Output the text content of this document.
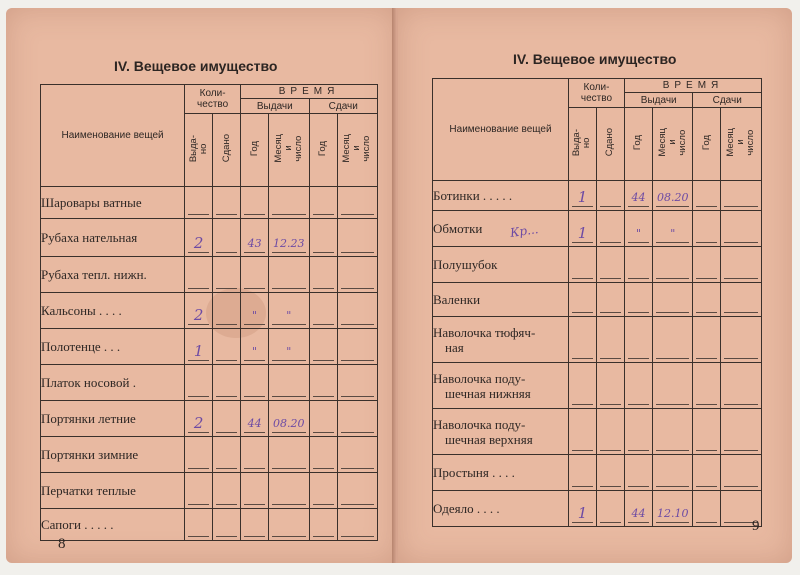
IV. Вещевое имущество
Наименование вещей	Коли-
чество		ВРЕМЯ			
			Выдачи		Сдачи	
	Выда-
но	Сдано	Год	Месяц
и
число	Год	Месяц
и
число

Шаровары ватные						

Рубаха нательная	2		43	12.23		

Рубаха тепл. нижн.						

Кальсоны . . . .	2		"	"		

Полотенце . . .	1		"	"		

Платок носовой .						

Портянки летние	2		44	08.20		

Портянки зимние						

Перчатки теплые						

Сапоги . . . . .						

8
IV. Вещевое имущество
Наименование вещей	Коли-
чество		ВРЕМЯ			
			Выдачи		Сдачи	
	Выда-
но	Сдано	Год	Месяц
и
число	Год	Месяц
и
число

Ботинки . . . . .	1		44	08.20		

Обмотки	1		"	"		

Полушубок						

Валенки						

Наволочка тюфяч-
ная						

Наволочка поду-
шечная нижняя						

Наволочка поду-
шечная верхняя						

Простыня . . . .						

Одеяло . . . .	1		44	12.10		

Кр...
9
